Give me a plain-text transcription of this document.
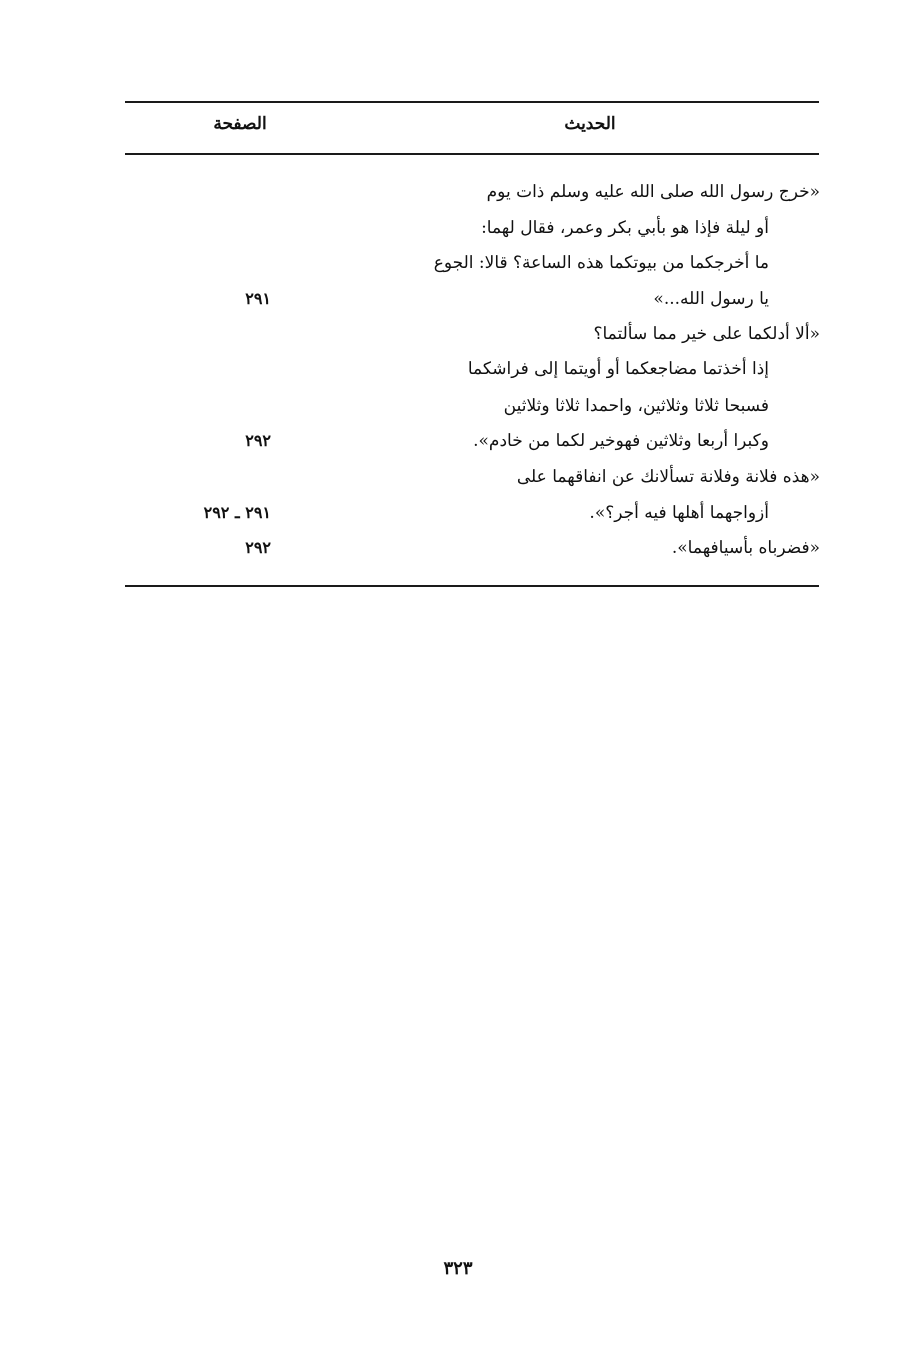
الحديث
الصفحة
«خرج رسول الله صلى الله عليه وسلم ذات يوم
أو ليلة فإذا هو بأبي بكر وعمر، فقال لهما:
ما أخرجكما من بيوتكما هذه الساعة؟ قالا: الجوع
يا رسول الله...»
٢٩١
«ألا أدلكما على خير مما سألتما؟
إذا أخذتما مضاجعكما أو أويتما إلى فراشكما
فسبحا ثلاثا وثلاثين، واحمدا ثلاثا وثلاثين
وكبرا أربعا وثلاثين فهوخير لكما من خادم».
٢٩٢
«هذه فلانة وفلانة تسألانك عن انفاقهما على
أزواجهما أهلها فيه أجر؟».
٢٩١ ـ ٢٩٢
«فضرباه بأسيافهما».
٢٩٢
٣٢٣
